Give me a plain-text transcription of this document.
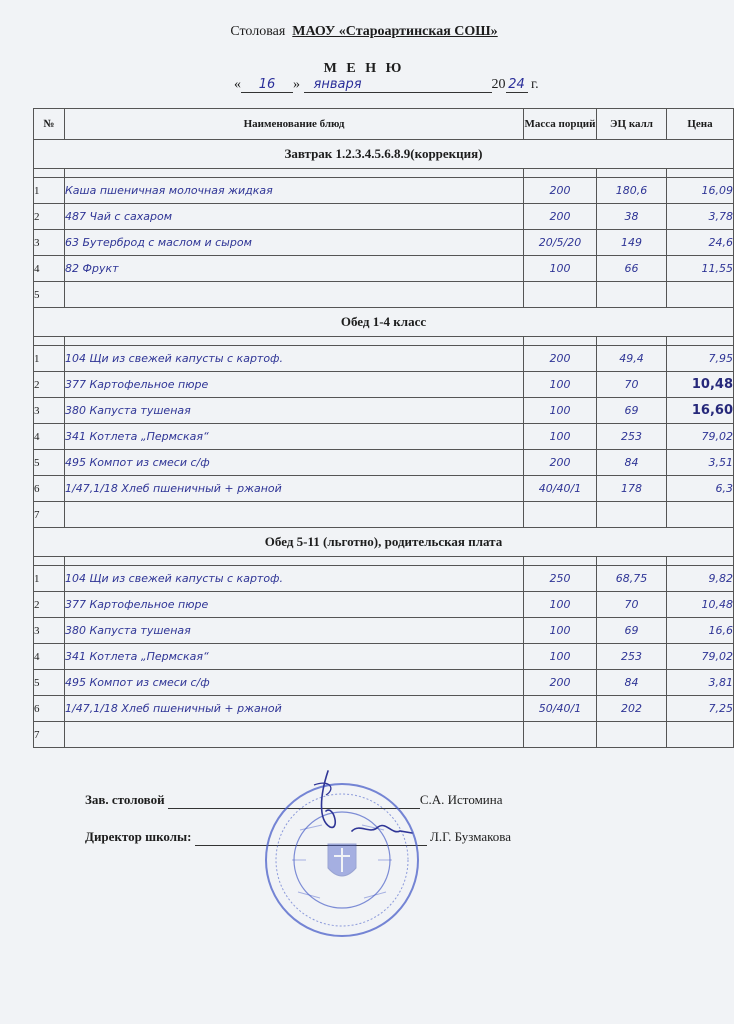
Столовая МАОУ «Староартинская СОШ»
М Е Н Ю
« 16 » января	20 24 г.
№	Наименование блюд	Масса порций	ЭЦ калл	Цена
Завтрак 1.2.3.4.5.6.8.9(коррекция)				

1	Каша пшеничная молочная жидкая	200	180,6	16,09
2	487 Чай с сахаром	200	38	3,78
3	63 Бутерброд с маслом и сыром	20/5/20	149	24,6
4	82 Фрукт	100	66	11,55
5				
Обед 1-4 класс				

1	104 Щи из свежей капусты с картоф.	200	49,4	7,95
2	377 Картофельное пюре	100	70	10,48
3	380 Капуста тушеная	100	69	16,60
4	341 Котлета „Пермская“	100	253	79,02
5	495 Компот из смеси с/ф	200	84	3,51
6	1/47,1/18 Хлеб пшеничный + ржаной	40/40/1	178	6,3
7				
Обед 5-11 (льготно), родительская плата				

1	104 Щи из свежей капусты с картоф.	250	68,75	9,82
2	377 Картофельное пюре	100	70	10,48
3	380 Капуста тушеная	100	69	16,6
4	341 Котлета „Пермская“	100	253	79,02
5	495 Компот из смеси с/ф	200	84	3,81
6	1/47,1/18 Хлеб пшеничный + ржаной	50/40/1	202	7,25
7				
Зав. столовой	С.А. Истомина
Директор школы:	Л.Г. Бузмакова
